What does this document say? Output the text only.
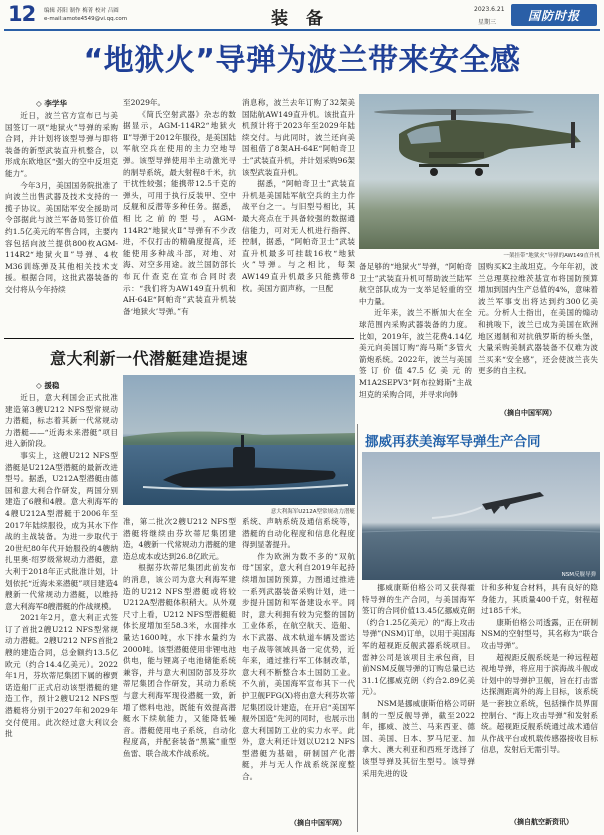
12 编辑 苏阳 制作 梅菁 校对 吕圆
e-mail:amote4549@vi.qq.com	装 备	2023.6.21
星期三	国防时报
“地狱火”导弹为波兰带来安全感
◇ 李学华

近日，波兰官方宣布已与美国签订一项“地狱火”导弹的采购合同，并计划将该型导弹与即将装备的新型武装直升机整合，以形成东欧地区“强大的空中反坦克能力”。

今年3月，美国国务院批准了向波兰出售武器及技术支持的一揽子协议。美国陆军安全援助司令部据此与波兰军备局签订价值约1.5亿美元的军售合同，主要内容包括向波兰提供800枚AGM-114R2“地狱火Ⅱ”导弹、4枚M36训练弹及其他相关技术支援。根据合同，这批武器装备的交付将从今年持续

至2029年。

《简氏空射武器》杂志的数据显示，AGM-114R2“地狱火Ⅱ”导弹于2012年服役，是美国陆军航空兵在使用的主力空地导弹。该型导弹使用半主动激光寻的制导系统，最大射程8千米，抗干扰性较强；能携带12.5千克的弹头，可用于执行反装甲、空中反舰和反潜等多种任务。据悉，相比之前的型号，AGM-114R2“地狱火Ⅱ”导弹有不少改进，不仅打击的精确度提高，还能使用多种战斗部，对地、对海、对空多用途。波兰国防部长布瓦什查克在宣布合同时表示：“我们将为AW149直升机和AH-64E“阿帕奇”武装直升机装备‘地狱火’导弹。”有

消息称，波兰去年订购了32架美国陆航AW149直升机。该批直升机预计将于2023年至2029年陆续交付。与此同时，波兰还向美国租借了8架AH-64E“阿帕奇卫士”武装直升机，并计划采购96架该型武装直升机。

据悉，“阿帕奇卫士”武装直升机是美国陆军航空兵的主力作战平台之一。与旧型号相比，其最大亮点在于具备较强的数据通信能力，可对无人机进行指挥、控制，据悉，“阿帕奇卫士”武装直升机最多可挂载16枚“地狱火”导弹。与之相比，每架AW149直升机最多只能携带8枚。美国方面声称，一旦配

一架挂带“地狱火”导弹的AW149直升机

备足够的“地狱火”导弹，“阿帕奇卫士”武装直升机可帮助波兰陆军航空部队成为一支举足轻重的空中力量。

近年来，波兰不断加大在全球范围内采购武器装备的力度。比如，2019年，波兰花费4.14亿美元向美国订购“海马斯”多管火箭炮系统。2022年，波兰与美国签订价值47.5亿美元的M1A2SEPV3“阿布拉姆斯”主战坦克的采购合同，并寻求向韩

国购买K2主战坦克。今年年初，波兰总理莫拉维茨基宣布将国防预算增加到国内生产总值的4%，意味着波兰军事支出将达到约300亿美元。分析人士指出，在美国的煽动和挑唆下，波兰已成为美国在欧洲地区遏制和对抗俄罗斯的桥头堡，大量采购美制武器装备不仅难为波兰买来“安全感”，还会使波兰丧失更多的自主权。

（摘自中国军网）
意大利新一代潜艇建造提速
◇ 援稳

近日，意大利国会正式批准建造第3艘U212 NFS型常规动力潜艇，标志着其新一代常规动力潜艇——“近海未来潜艇”项目进入新阶段。

事实上，这艘U212 NFS型潜艇是U212A型潜艇的最新改进型号。据悉，U212A型潜艇由德国和意大利合作研发，两国分别建造了6艘和4艘。意大利海军的4艘U212A型潜艇于2006年至2017年陆续服役，成为其水下作战的主战装备。为进一步取代于20世纪80年代开始服役的4艘纳扎里奥·绍罗级常规动力潜艇，意大利于2018年正式批准计划，计划依托“近海未来潜艇”项目建造4艘新一代常规动力潜艇，以维持意大利海军8艘潜艇的作战规模。

2021年2月，意大利正式签订了首批2艘U212 NFS型常规动力潜艇。2艘U212 NFS首批2艘的建造合同，总金额约13.5亿欧元（约合14.4亿美元）。2022年1月，芬坎蒂尼集团下属的穆贾诺造船厂正式启动该型潜艇的建造工作，预计2艘U212 NFS型潜艇将分别于2027年和2029年交付使用。此次经过意大利议会批

意大利海军U212A型常规动力潜艇

准，第二批次2艘U212 NFS型潜艇将继续由芬坎蒂尼集团建造，4艘新一代常规动力潜艇的建造总成本或达到26.8亿欧元。

根据芬坎蒂尼集团此前发布的消息，该公司为意大利海军建造的U212 NFS型潜艇或将较U212A型潜艇体积稍大。从外观尺寸上看，U212 NFS型潜艇艇体长度增加至58.3米，水面排水量达1600吨，水下排水量约为2000吨。该型潜艇使用非锂电池供电，能与锂离子电池储能系统兼容，并与意大利国防部及芬坎蒂尼集团合作研发，其动力系统与意大利海军现役潜艇一致，新增了燃料电池，既能有效提高潜艇水下续航能力，又能降低噪音。潜艇使用电子系统，自动化程度高，并配套装备“黑鲨”重型鱼雷、联合战术作战系统。

系统、声呐系统及通信系统等，潜艇的自动化程度和信息化程度得到显著提升。

作为欧洲为数不多的“双航母”国家，意大利自2019年起持续增加国防预算，力图通过推进一系列武器装备采购计划，进一步提升国防和军备建设水平。同时，意大利拥有较为完整的国防工业体系，在航空航天、造船、水下武器、战术轨道车辆及雷达电子战等领域具备一定优势，近年来，通过推行军工体制改革，意大利不断整合本土国防工业。不久前，美国海军宣布其下一代护卫舰FFG(X)将由意大利芬坎蒂尼集团设计建造，在开启“美国军舰外国造”先河的同时，也展示出意大利国防工业的实力水平。此外，意大利还计划以U212 NFS型潜艇为基础，研制国产化潜艇，并与无人作战系统深度整合。

（摘自中国军网）
挪威再获美海军导弹生产合同
NSM反舰导弹

挪威康斯伯格公司又获得霍特导弹的生产合同，与美国海军签订的合同价值13.45亿挪威克朗（约合1.25亿美元）的“海上攻击导弹”(NSM)订单，以用于美国海军的超视距反舰武器系统项目。雷神公司是该项目主承包商，目前NSM反舰导弹的订购总量已达31.1亿挪威克朗（约合2.89亿美元）。

NSM是挪威康斯伯格公司研制的一型反舰导弹，截至2022年，挪威、波兰、马来西亚、德国、美国、日本、罗马尼亚、加拿大、澳大利亚和西班牙选择了该型导弹及其衍生型号。该导弹采用先进的设

计和多种复合材料，具有良好的隐身能力，其质量400千克，射程超过185千米。

康斯伯格公司透露，正在研制NSM的空射型号，其名称为“联合攻击导弹”。

超视距反舰系统是一种远程超视地导弹，将应用于滨海战斗舰或计划中的导弹护卫舰，旨在打击雷达探测距离外的海上目标，该系统是一套独立系统，包括操作员界面控制台、“海上攻击导弹”和发射系统。超视距反舰系统通过战术通信从作战平台或机载传感器接收目标信息，发射后无需引导。

（摘自航空新资讯）
